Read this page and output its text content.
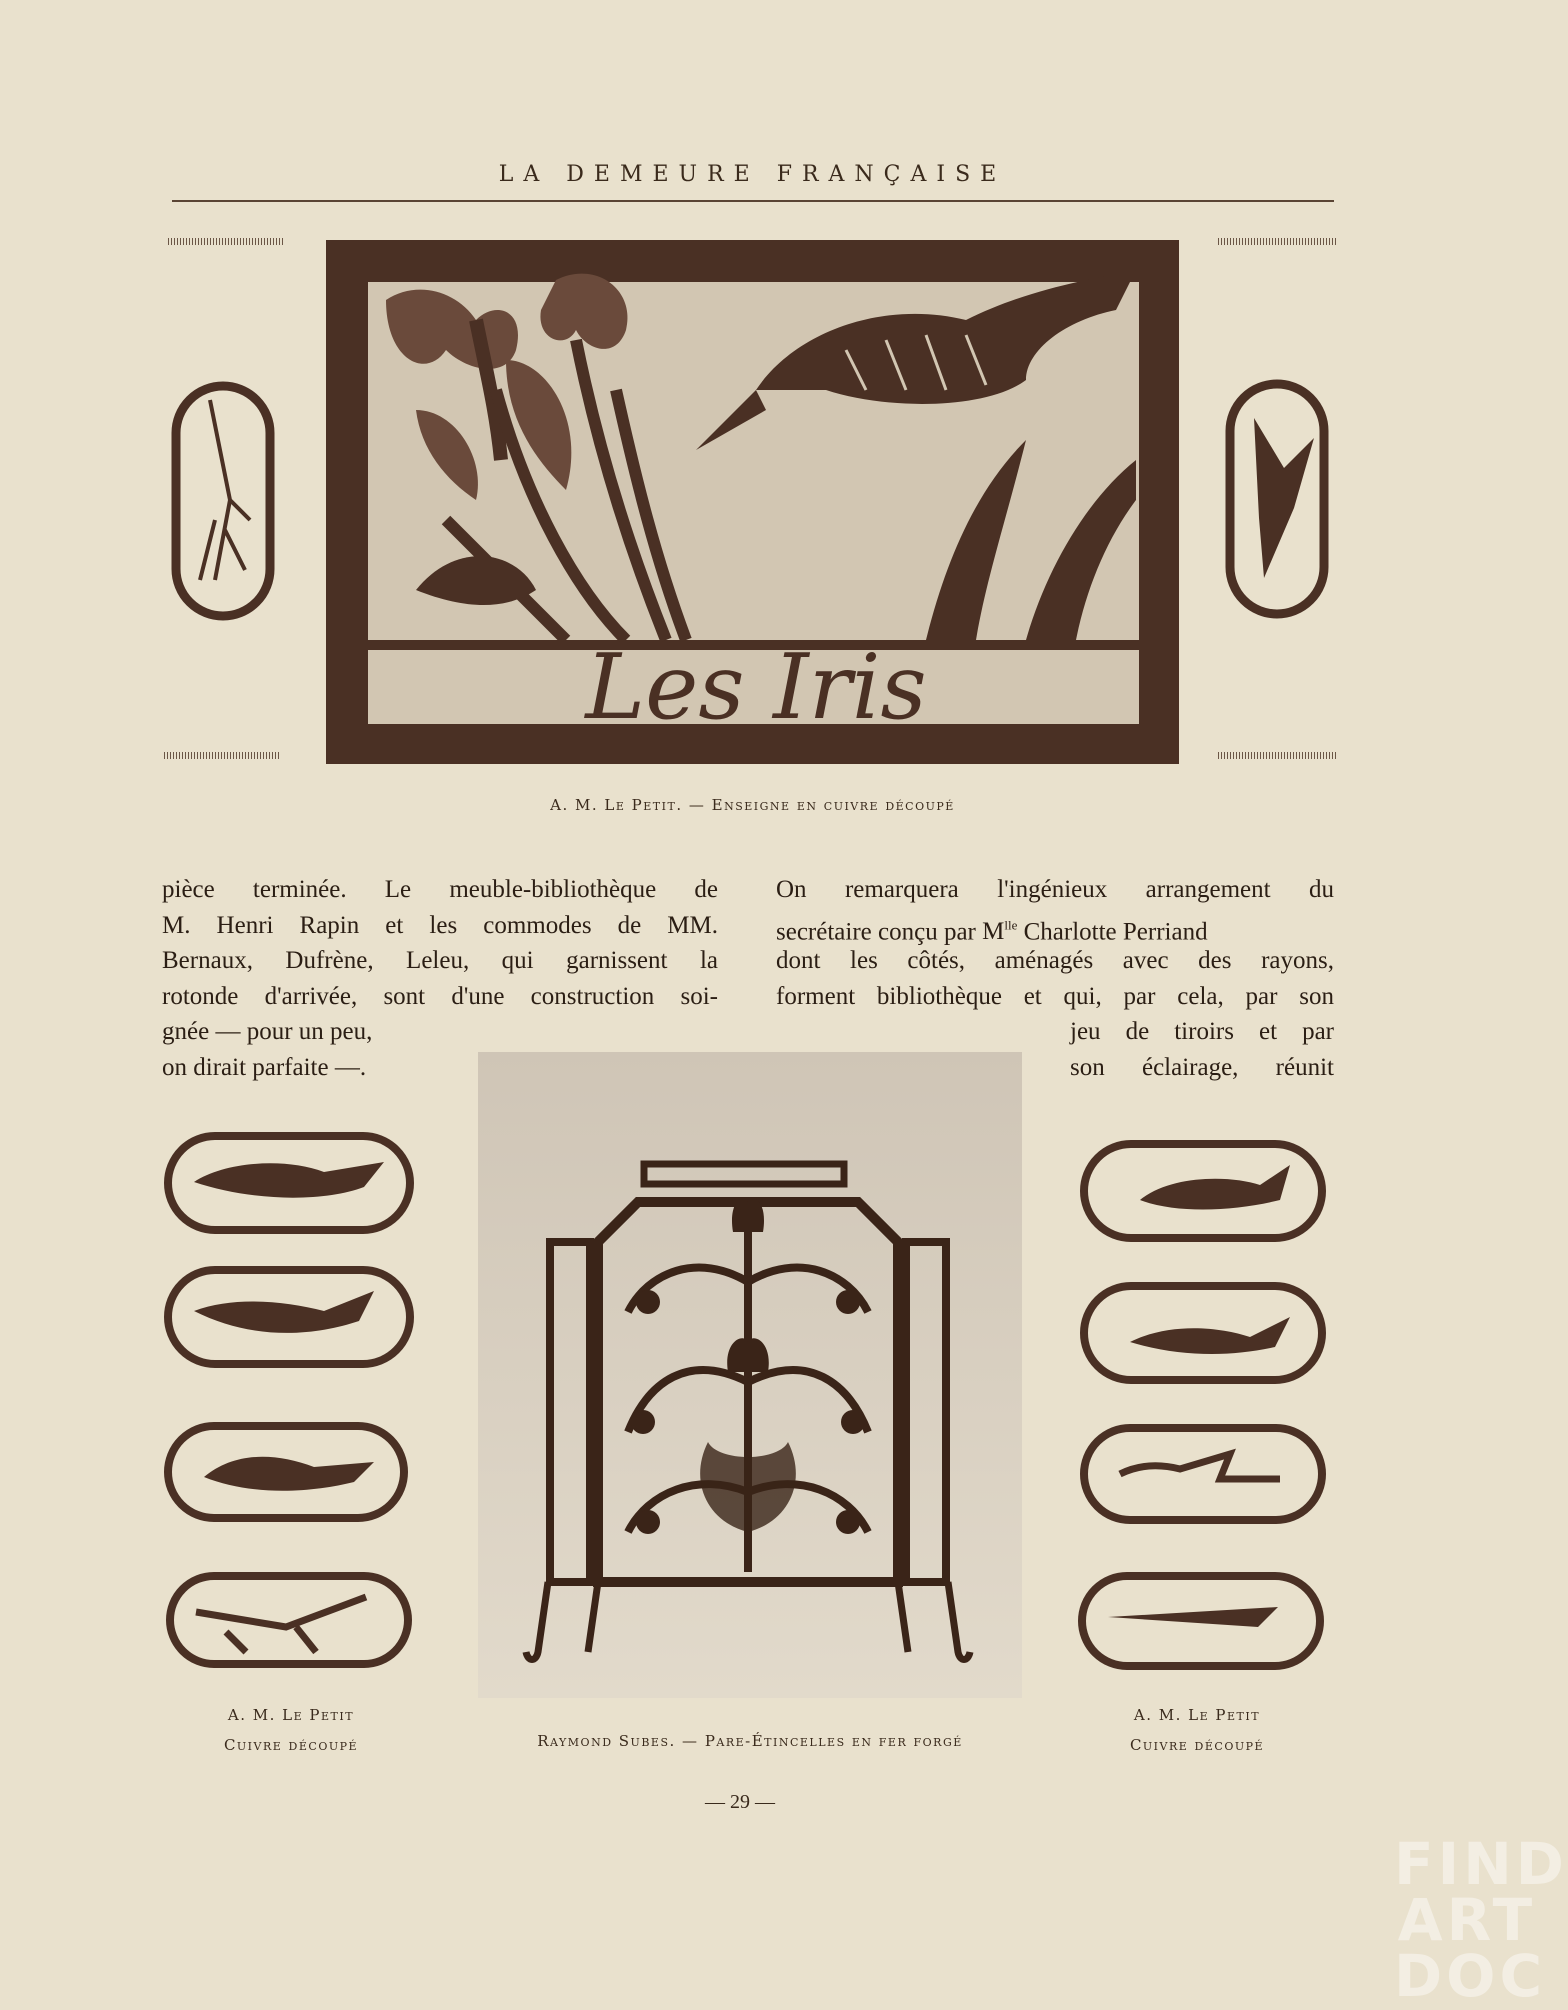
LA DEMEURE FRANÇAISE
Les Iris
A. M. Le Petit. — Enseigne en cuivre découpé
pièce terminée. Le meuble-bibliothèque de
M. Henri Rapin et les commodes de MM.
Bernaux, Dufrène, Leleu, qui garnissent la
rotonde d'arrivée, sont d'une construction soi-
gnée — pour un peu,
on dirait parfaite —.
On remarquera l'ingénieux arrangement du
secrétaire conçu par $M^{lle}$ Charlotte Perriand
dont les côtés, aménagés avec des rayons,
forment bibliothèque et qui, par cela, par son
jeu de tiroirs et par
son éclairage, réunit
A. M. Le Petit
Cuivre découpé
A. M. Le Petit
Cuivre découpé
Raymond Subes. — Pare-Étincelles en fer forgé
— 29 —
FIND
ART
DOC
